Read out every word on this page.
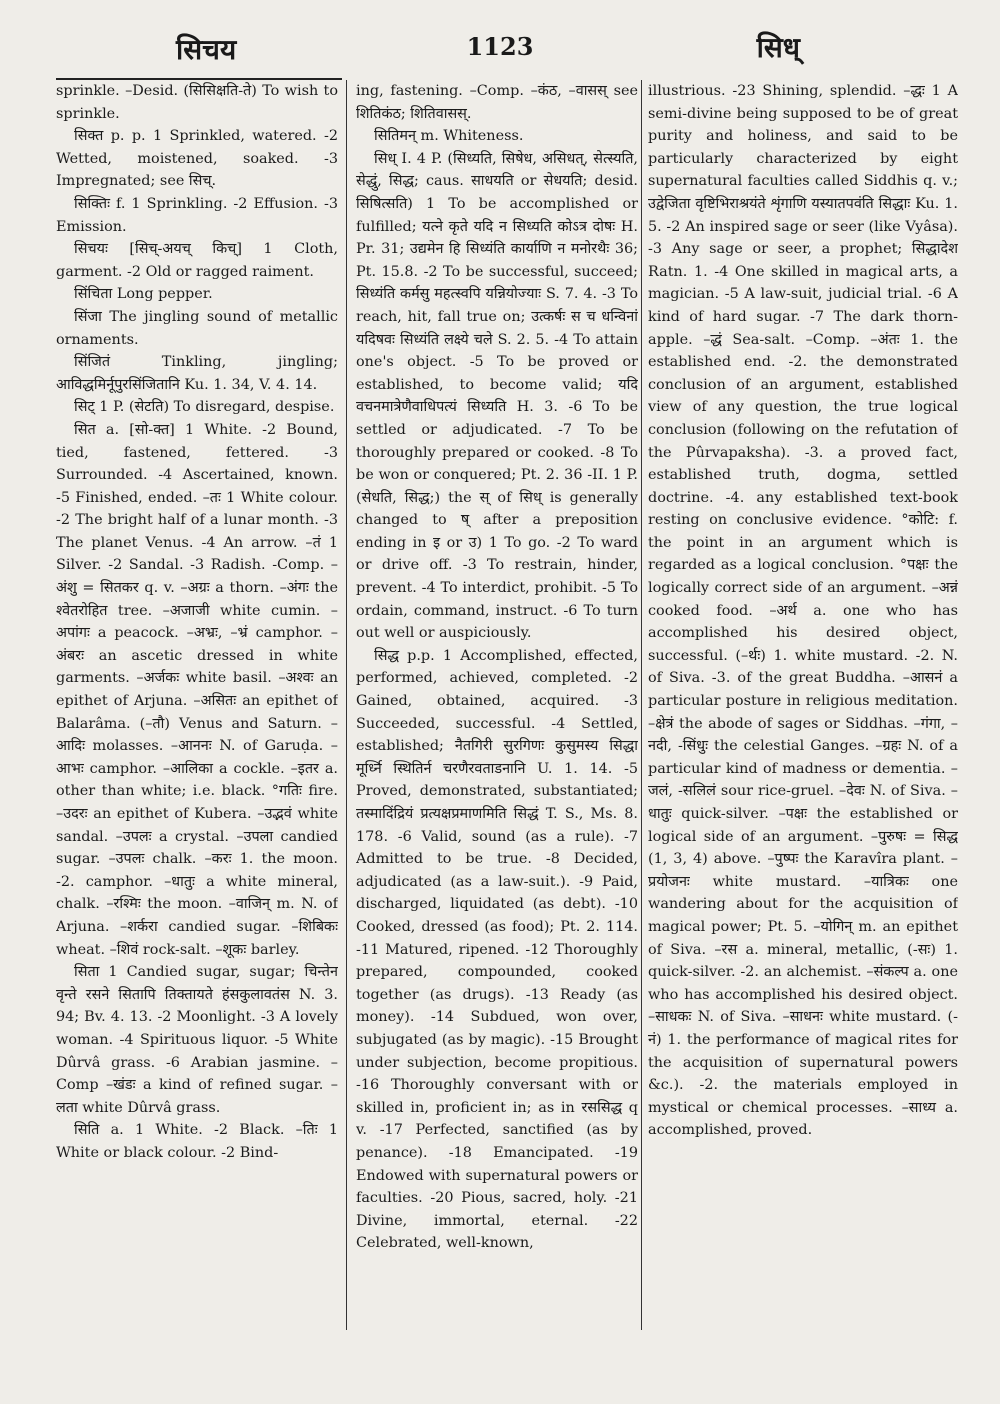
सिचय	1123	सिध्

sprinkle. –Desid. (सिसिक्षति-ते) To wish to sprinkle.

सिक्त p. p. 1 Sprinkled, watered. -2 Wetted, moistened, soaked. -3 Impregnated; see सिच्.

सिक्तिः f. 1 Sprinkling. -2 Effusion. -3 Emission.

सिचयः [सिच्-अयच् किच्] 1 Cloth, garment. -2 Old or ragged raiment.

सिंचिता Long pepper.

सिंजा The jingling sound of metallic ornaments.

सिंजितं Tinkling, jingling; आविद्धमिर्नूपुरसिंजितानि Ku. 1. 34, V. 4. 14.

सिट् 1 P. (सेटति) To disregard, despise.

सित a. [सो-क्त] 1 White. -2 Bound, tied, fastened, fettered. -3 Surrounded. -4 Ascertained, known. -5 Finished, ended. –तः 1 White colour. -2 The bright half of a lunar month. -3 The planet Venus. -4 An arrow. –तं 1 Silver. -2 Sandal. -3 Radish. -Comp. –अंशु = सितकर q. v. –अग्रः a thorn. –अंगः the श्वेतरोहित tree. –अजाजी white cumin. –अपांगः a peacock. –अभ्रः, –भ्रं camphor. –अंबरः an ascetic dressed in white garments. –अर्जकः white basil. –अश्वः an epithet of Arjuna. –असितः an epithet of Balarâma. (–तौ) Venus and Saturn. –आदिः molasses. –आननः N. of Garuḍa. –आभः camphor. –आलिका a cockle. –इतर a. other than white; i.e. black. °गतिः fire. –उदरः an epithet of Kubera. –उद्भवं white sandal. –उपलः a crystal. –उपला candied sugar. –उपलः chalk. –करः 1. the moon. -2. camphor. –धातुः a white mineral, chalk. –रश्मिः the moon. –वाजिन् m. N. of Arjuna. –शर्करा candied sugar. –शिबिकः wheat. –शिवं rock-salt. –शूकः barley.

सिता 1 Candied sugar, sugar; चिन्तेन वृन्ते रसने सितापि तिक्तायते हंसकुलावतंस N. 3. 94; Bv. 4. 13. -2 Moonlight. -3 A lovely woman. -4 Spirituous liquor. -5 White Dûrvâ grass. -6 Arabian jasmine. –Comp –खंडः a kind of refined sugar. –लता white Dûrvâ grass.

सिति a. 1 White. -2 Black. –तिः 1 White or black colour. -2 Bind-

ing, fastening. –Comp. –कंठ, –वासस् see शितिकंठ; शितिवासस्.

सितिमन् m. Whiteness.

सिध् I. 4 P. (सिध्यति, सिषेध, असिधत्, सेत्स्यति, सेद्धुं, सिद्ध; caus. साधयति or सेधयति; desid. सिषित्सति) 1 To be accomplished or fulfilled; यत्ने कृते यदि न सिध्यति कोऽत्र दोषः H. Pr. 31; उद्यमेन हि सिध्यंति कार्याणि न मनोरथैः 36; Pt. 15.8. -2 To be successful, succeed; सिध्यंति कर्मसु महत्स्वपि यन्नियोज्याः S. 7. 4. -3 To reach, hit, fall true on; उत्कर्षः स च धन्विनां यदिषवः सिध्यंति लक्ष्ये चले S. 2. 5. -4 To attain one's object. -5 To be proved or established, to become valid; यदि वचनमात्रेणैवाधिपत्यं सिध्यति H. 3. -6 To be settled or adjudicated. -7 To be thoroughly prepared or cooked. -8 To be won or conquered; Pt. 2. 36 -II. 1 P. (सेधति, सिद्ध;) the स् of सिध् is generally changed to ष् after a preposition ending in इ or उ) 1 To go. -2 To ward or drive off. -3 To restrain, hinder, prevent. -4 To interdict, prohibit. -5 To ordain, command, instruct. -6 To turn out well or auspiciously.

सिद्ध p.p. 1 Accomplished, effected, performed, achieved, completed. -2 Gained, obtained, acquired. -3 Succeeded, successful. -4 Settled, established; नैतगिरी सुरगिणः कुसुमस्य सिद्धा मूर्ध्नि स्थितिर्न चरणैरवताडनानि U. 1. 14. -5 Proved, demonstrated, substantiated; तस्मादिंद्रियं प्रत्यक्षप्रमाणमिति सिद्धं T. S., Ms. 8. 178. -6 Valid, sound (as a rule). -7 Admitted to be true. -8 Decided, adjudicated (as a law-suit.). -9 Paid, discharged, liquidated (as debt). -10 Cooked, dressed (as food); Pt. 2. 114. -11 Matured, ripened. -12 Thoroughly prepared, compounded, cooked together (as drugs). -13 Ready (as money). -14 Subdued, won over, subjugated (as by magic). -15 Brought under subjection, become propitious. -16 Thoroughly conversant with or skilled in, proficient in; as in रससिद्ध q v. -17 Perfected, sanctified (as by penance). -18 Emancipated. -19 Endowed with supernatural powers or faculties. -20 Pious, sacred, holy. -21 Divine, immortal, eternal. -22 Celebrated, well-known,

illustrious. -23 Shining, splendid. –द्धः 1 A semi-divine being supposed to be of great purity and holiness, and said to be particularly characterized by eight supernatural faculties called Siddhis q. v.; उद्वेजिता वृष्टिभिराश्रयंते शृंगाणि यस्यातपवंति सिद्धाः Ku. 1. 5. -2 An inspired sage or seer (like Vyâsa). -3 Any sage or seer, a prophet; सिद्धादेश Ratn. 1. -4 One skilled in magical arts, a magician. -5 A law-suit, judicial trial. -6 A kind of hard sugar. -7 The dark thorn-apple. –द्धं Sea-salt. –Comp. –अंतः 1. the established end. -2. the demonstrated conclusion of an argument, established view of any question, the true logical conclusion (following on the refutation of the Pûrvapaksha). -3. a proved fact, established truth, dogma, settled doctrine. -4. any established text-book resting on conclusive evidence. °कोटि: f. the point in an argument which is regarded as a logical conclusion. °पक्षः the logically correct side of an argument. –अन्नं cooked food. –अर्थ a. one who has accomplished his desired object, successful. (–र्थः) 1. white mustard. -2. N. of Siva. -3. of the great Buddha. –आसनं a particular posture in religious meditation. –क्षेत्रं the abode of sages or Siddhas. –गंगा, –नदी, -सिंधुः the celestial Ganges. –ग्रहः N. of a particular kind of madness or dementia. –जलं, -सलिलं sour rice-gruel. –देवः N. of Siva. –धातुः quick-silver. –पक्षः the established or logical side of an argument. –पुरुषः = सिद्ध (1, 3, 4) above. –पुष्पः the Karavîra plant. –प्रयोजनः white mustard. –यात्रिकः one wandering about for the acquisition of magical power; Pt. 5. –योगिन् m. an epithet of Siva. –रस a. mineral, metallic, (-सः) 1. quick-silver. -2. an alchemist. –संकल्प a. one who has accomplished his desired object. –साधकः N. of Siva. –साधनः white mustard. (-नं) 1. the performance of magical rites for the acquisition of supernatural powers &c.). -2. the materials employed in mystical or chemical processes. –साध्य a. accomplished, proved.
